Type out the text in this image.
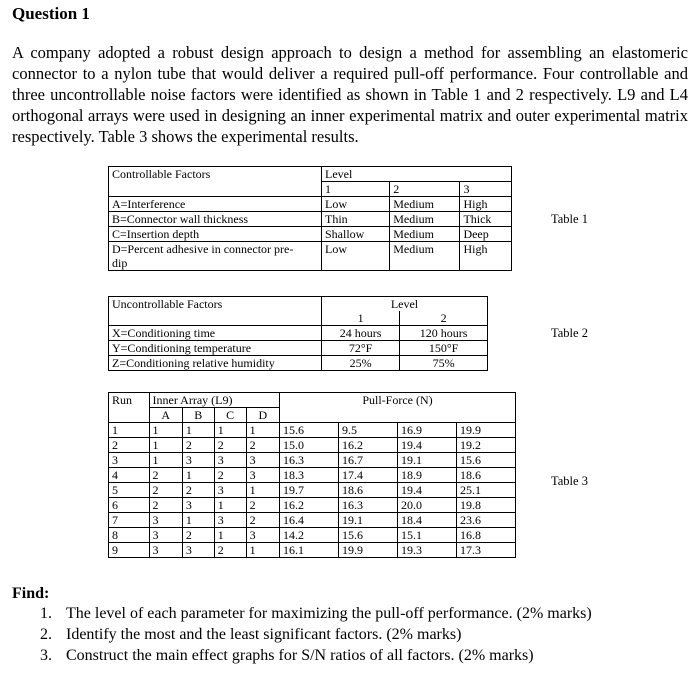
Question 1
A company adopted a robust design approach to design a method for assembling an elastomeric connector to a nylon tube that would deliver a required pull-off performance. Four controllable and three uncontrollable noise factors were identified as shown in Table 1 and 2 respectively. L9 and L4 orthogonal arrays were used in designing an inner experimental matrix and outer experimental matrix respectively. Table 3 shows the experimental results.
Controllable Factors	Level		
	1	2	3
A=Interference	Low	Medium	High
B=Connector wall thickness	Thin	Medium	Thick
C=Insertion depth	Shallow	Medium	Deep
D=Percent adhesive in connector pre-
dip	Low	Medium	High
Table 1
Uncontrollable Factors	Level	
	1	2
X=Conditioning time	24 hours	120 hours
Y=Conditioning temperature	72°F	150°F
Z=Conditioning relative humidity	25%	75%
Table 2
Run	Inner Array (L9)				Pull-Force (N)			
	A	B	C	D				
1	1	1	1	1	15.6	9.5	16.9	19.9
2	1	2	2	2	15.0	16.2	19.4	19.2
3	1	3	3	3	16.3	16.7	19.1	15.6
4	2	1	2	3	18.3	17.4	18.9	18.6
5	2	2	3	1	19.7	18.6	19.4	25.1
6	2	3	1	2	16.2	16.3	20.0	19.8
7	3	1	3	2	16.4	19.1	18.4	23.6
8	3	2	1	3	14.2	15.6	15.1	16.8
9	3	3	2	1	16.1	19.9	19.3	17.3
Table 3
Find:
1. The level of each parameter for maximizing the pull-off performance. (2% marks)
2. Identify the most and the least significant factors. (2% marks)
3. Construct the main effect graphs for S/N ratios of all factors. (2% marks)
